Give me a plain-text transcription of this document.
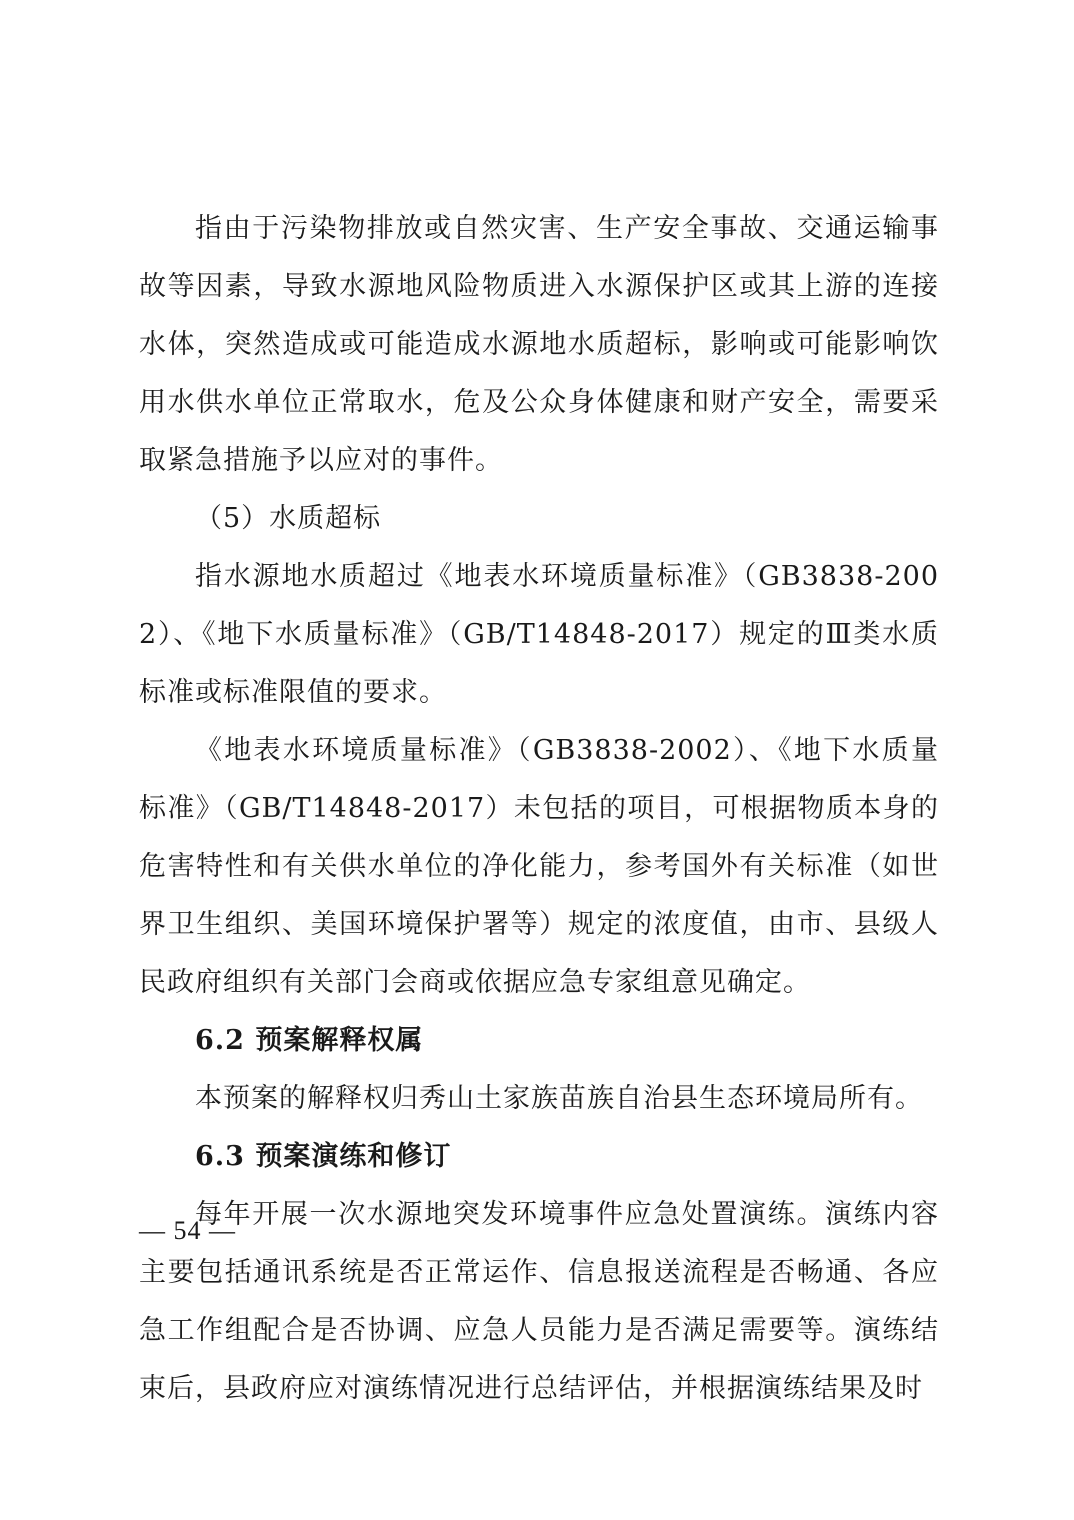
指由于污染物排放或自然灾害、生产安全事故、交通运输事故等因素，导致水源地风险物质进入水源保护区或其上游的连接水体，突然造成或可能造成水源地水质超标，影响或可能影响饮用水供水单位正常取水，危及公众身体健康和财产安全，需要采取紧急措施予以应对的事件。

（5）水质超标

指水源地水质超过《地表水环境质量标准》（GB3838-2002）、《地下水质量标准》（GB/T14848-2017）规定的Ⅲ类水质标准或标准限值的要求。

《地表水环境质量标准》（GB3838-2002）、《地下水质量标准》（GB/T14848-2017）未包括的项目，可根据物质本身的危害特性和有关供水单位的净化能力，参考国外有关标准（如世界卫生组织、美国环境保护署等）规定的浓度值，由市、县级人民政府组织有关部门会商或依据应急专家组意见确定。

6.2 预案解释权属

本预案的解释权归秀山土家族苗族自治县生态环境局所有。

6.3 预案演练和修订

每年开展一次水源地突发环境事件应急处置演练。演练内容主要包括通讯系统是否正常运作、信息报送流程是否畅通、各应急工作组配合是否协调、应急人员能力是否满足需要等。演练结束后，县政府应对演练情况进行总结评估，并根据演练结果及时

— 54 —
